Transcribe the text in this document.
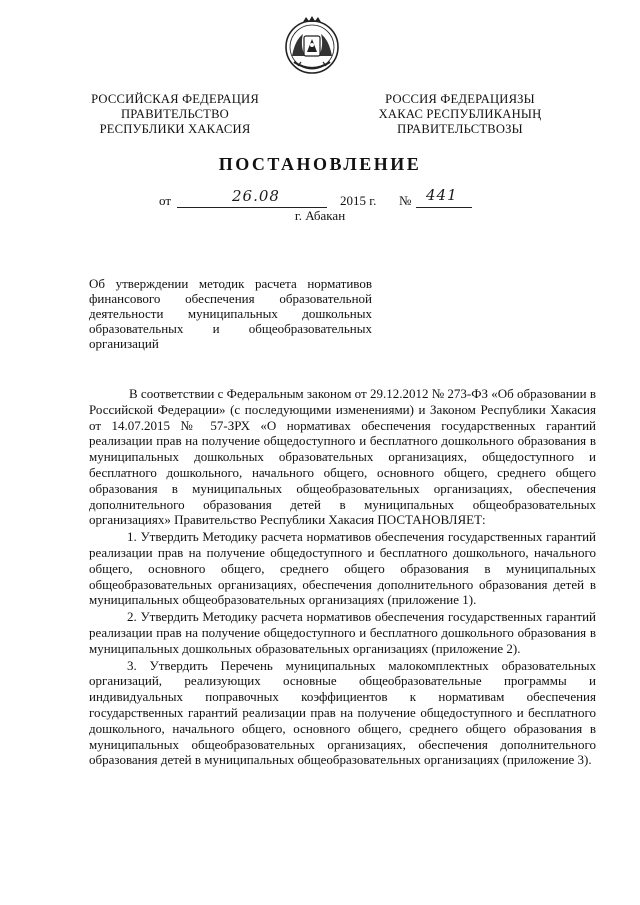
РОССИЙСКАЯ ФЕДЕРАЦИЯ
ПРАВИТЕЛЬСТВО
РЕСПУБЛИКИ ХАКАСИЯ
РОССИЯ ФЕДЕРАЦИЯЗЫ
ХАКАС РЕСПУБЛИКАНЫҢ
ПРАВИТЕЛЬСТВОЗЫ
ПОСТАНОВЛЕНИЕ
от	26.08	2015 г. № 441
г. Абакан
Об утверждении методик расчета нормативов финансового обеспечения образовательной деятельности муниципальных дошкольных образовательных и общеобразовательных организаций

В соответствии с Федеральным законом от 29.12.2012 № 273-ФЗ «Об образовании в Российской Федерации» (с последующими изменениями) и Законом Республики Хакасия от 14.07.2015 № 57-ЗРХ «О нормативах обеспечения государственных гарантий реализации прав на получение общедоступного и бесплатного дошкольного образования в муниципальных дошкольных образовательных организациях, общедоступного и бесплатного дошкольного, начального общего, основного общего, среднего общего образования в муниципальных общеобразовательных организациях, обеспечения дополнительного образования детей в муниципальных общеобразовательных организациях» Правительство Республики Хакасия ПОСТАНОВЛЯЕТ:

1. Утвердить Методику расчета нормативов обеспечения государственных гарантий реализации прав на получение общедоступного и бесплатного дошкольного, начального общего, основного общего, среднего общего образования в муниципальных общеобразовательных организациях, обеспечения дополнительного образования детей в муниципальных общеобразовательных организациях (приложение 1).

2. Утвердить Методику расчета нормативов обеспечения государственных гарантий реализации прав на получение общедоступного и бесплатного дошкольного образования в муниципальных дошкольных образовательных организациях (приложение 2).

3. Утвердить Перечень муниципальных малокомплектных образовательных организаций, реализующих основные общеобразовательные программы и индивидуальных поправочных коэффициентов к нормативам обеспечения государственных гарантий реализации прав на получение общедоступного и бесплатного дошкольного, начального общего, основного общего, среднего общего образования в муниципальных общеобразовательных организациях, обеспечения дополнительного образования детей в муниципальных общеобразовательных организациях (приложение 3).
